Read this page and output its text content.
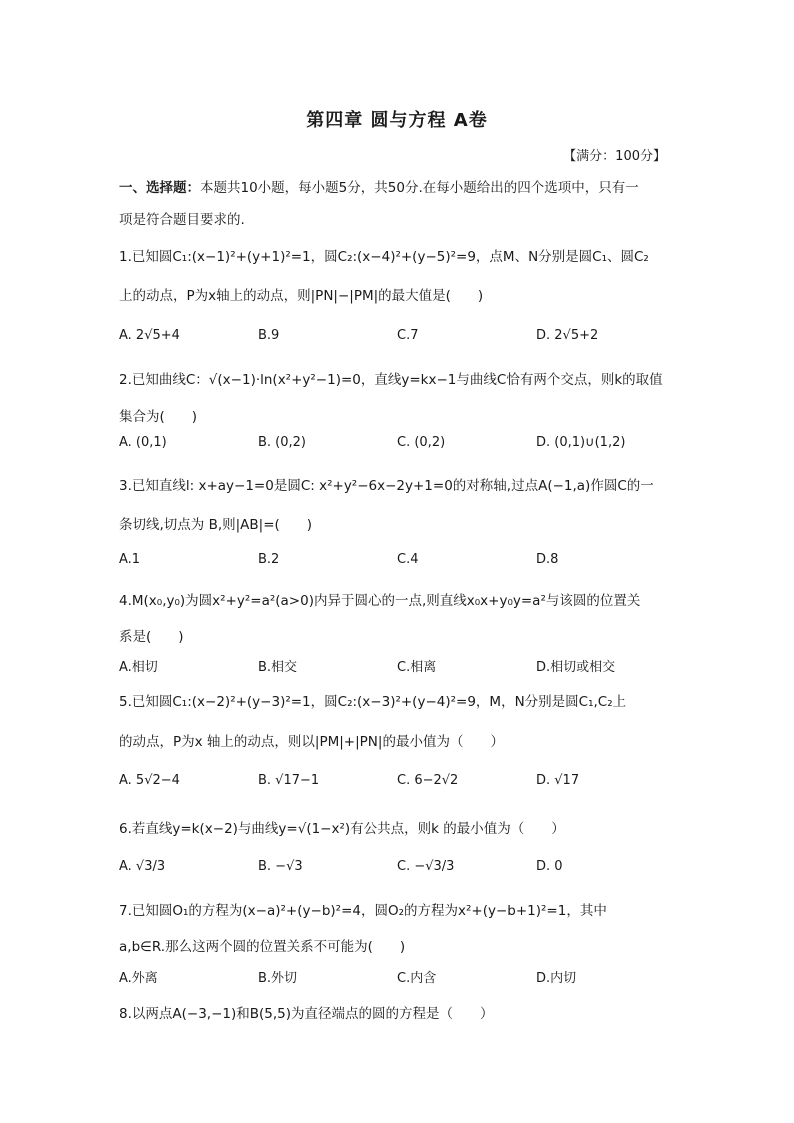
第四章 圆与方程 A卷
【满分：100分】
一、选择题：本题共10小题，每小题5分，共50分.在每小题给出的四个选项中，只有一
项是符合题目要求的.
1.已知圆C₁:(x−1)²+(y+1)²=1，圆C₂:(x−4)²+(y−5)²=9，点M、N分别是圆C₁、圆C₂
上的动点，P为x轴上的动点，则|PN|−|PM|的最大值是(　　)
A. 2√5+4	B.9	C.7	D. 2√5+2
2.已知曲线C：√(x−1)·ln(x²+y²−1)=0，直线y=kx−1与曲线C恰有两个交点，则k的取值
集合为(　　)
A. (0,1)	B. (0,2)	C. (0,2)	D. (0,1)∪(1,2)
3.已知直线l: x+ay−1=0是圆C: x²+y²−6x−2y+1=0的对称轴,过点A(−1,a)作圆C的一
条切线,切点为 B,则|AB|=(　　)
A.1	B.2	C.4	D.8
4.M(x₀,y₀)为圆x²+y²=a²(a>0)内异于圆心的一点,则直线x₀x+y₀y=a²与该圆的位置关
系是(　　)
A.相切	B.相交	C.相离	D.相切或相交
5.已知圆C₁:(x−2)²+(y−3)²=1，圆C₂:(x−3)²+(y−4)²=9，M，N分别是圆C₁,C₂上
的动点，P为x 轴上的动点，则以|PM|+|PN|的最小值为（　　）
A. 5√2−4	B. √17−1	C. 6−2√2	D. √17
6.若直线y=k(x−2)与曲线y=√(1−x²)有公共点，则k 的最小值为（　　）
A. √3/3	B. −√3	C. −√3/3	D. 0
7.已知圆O₁的方程为(x−a)²+(y−b)²=4，圆O₂的方程为x²+(y−b+1)²=1，其中
a,b∈R.那么这两个圆的位置关系不可能为(　　)
A.外离	B.外切	C.内含	D.内切
8.以两点A(−3,−1)和B(5,5)为直径端点的圆的方程是（　　）
